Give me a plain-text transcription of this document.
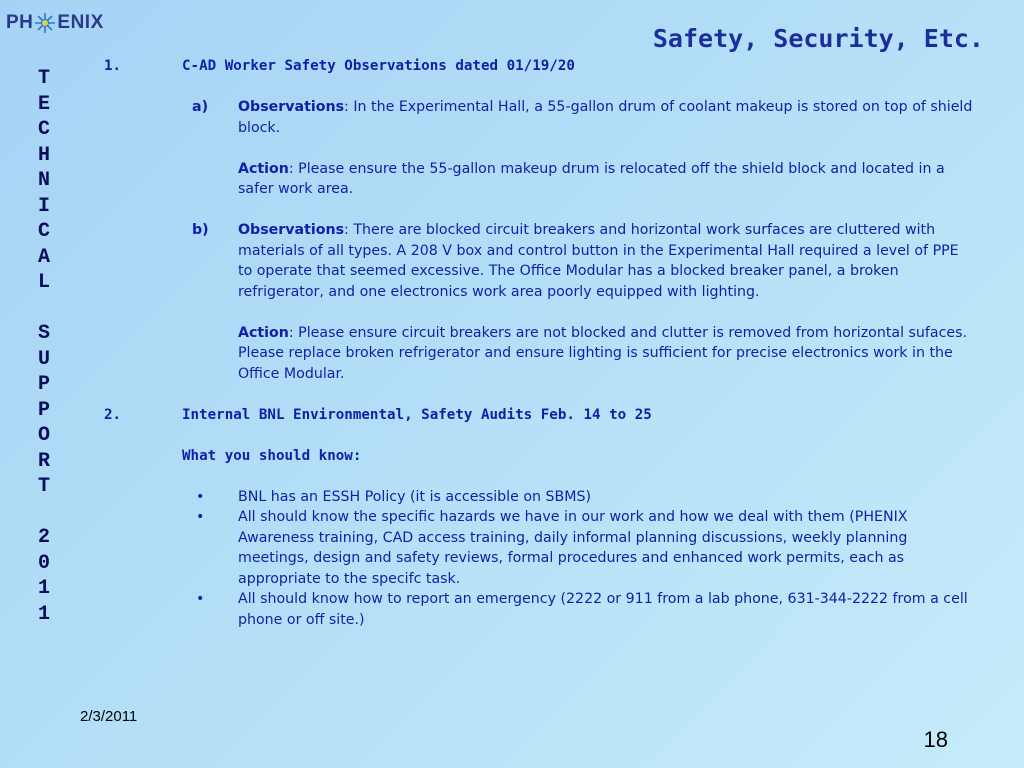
PH ENIX
Safety, Security, Etc.
T
E
C
H
N
I
C
A
L

S
U
P
P
O
R
T

2
0
1
1
1.	C-AD Worker Safety Observations dated 01/19/20
a)	Observations: In the Experimental Hall, a 55-gallon drum of coolant makeup is stored on top of shield block.
Action: Please ensure the 55-gallon makeup drum is relocated off the shield block and located in a safer work area.
b)	Observations: There are blocked circuit breakers and horizontal work surfaces are cluttered with materials of all types. A 208 V box and control button in the Experimental Hall required a level of PPE to operate that seemed excessive. The Office Modular has a blocked breaker panel, a broken refrigerator, and one electronics work area poorly equipped with lighting.
Action: Please ensure circuit breakers are not blocked and clutter is removed from horizontal sufaces. Please replace broken refrigerator and ensure lighting is sufficient for precise electronics work in the Office Modular.
2.	Internal BNL Environmental, Safety Audits Feb. 14 to 25
What you should know:
•	BNL has an ESSH Policy (it is accessible on SBMS)
•	All should know the specific hazards we have in our work and how we deal with them (PHENIX Awareness training, CAD access training, daily informal planning discussions, weekly planning meetings, design and safety reviews, formal procedures and enhanced work permits, each as appropriate to the specifc task.
•	All should know how to report an emergency (2222 or 911 from a lab phone, 631-344-2222 from a cell phone or off site.)
2/3/2011
18
